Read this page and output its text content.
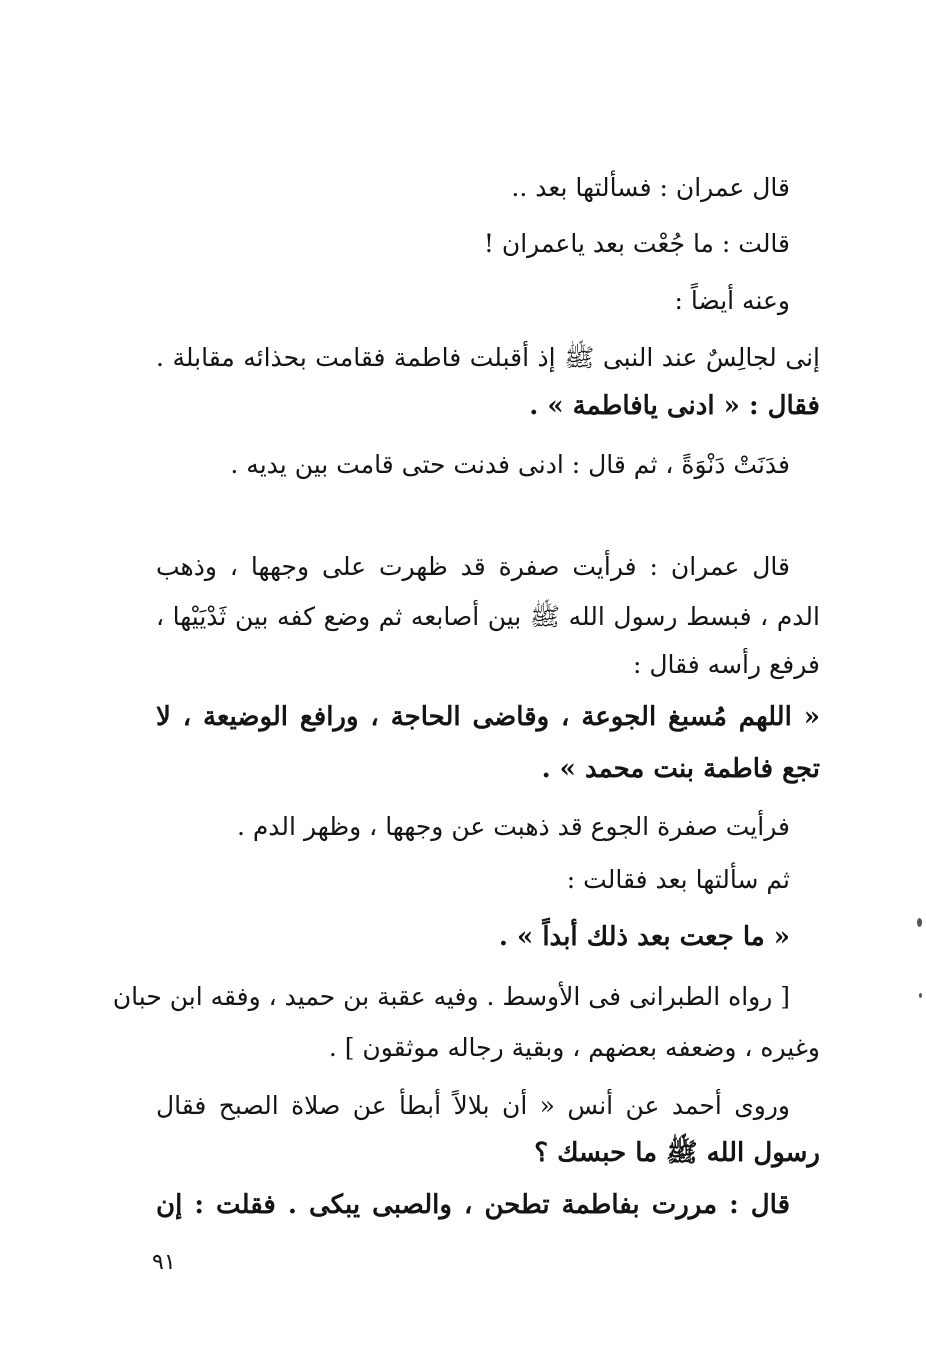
قال عمران : فسألتها بعد ..
قالت : ما جُعْت بعد ياعمران !
وعنه أيضاً :
إنى لجالِسٌ عند النبى ﷺ إذ أقبلت فاطمة فقامت بحذائه مقابلة .
فقال : « ادنى يافاطمة » .
فدَنَتْ دَنْوَةً ، ثم قال : ادنى فدنت حتى قامت بين يديه .
قال عمران : فرأيت صفرة قد ظهرت على وجهها ، وذهب
الدم ، فبسط رسول الله ﷺ بين أصابعه ثم وضع كفه بين ثَدْيَيْها ،
فرفع رأسه فقال :
« اللهم مُسبغ الجوعة ، وقاضى الحاجة ، ورافع الوضيعة ، لا
تجع فاطمة بنت محمد » .
فرأيت صفرة الجوع قد ذهبت عن وجهها ، وظهر الدم .
ثم سألتها بعد فقالت :
« ما جعت بعد ذلك أبداً » .
[ رواه الطبرانى فى الأوسط . وفيه عقبة بن حميد ، وفقه ابن حبان
وغيره ، وضعفه بعضهم ، وبقية رجاله موثقون ] .
وروى أحمد عن أنس « أن بلالاً أبطأ عن صلاة الصبح فقال
رسول الله ﷺ ما حبسك ؟
قال : مررت بفاطمة تطحن ، والصبى يبكى . فقلت : إن
٩١
